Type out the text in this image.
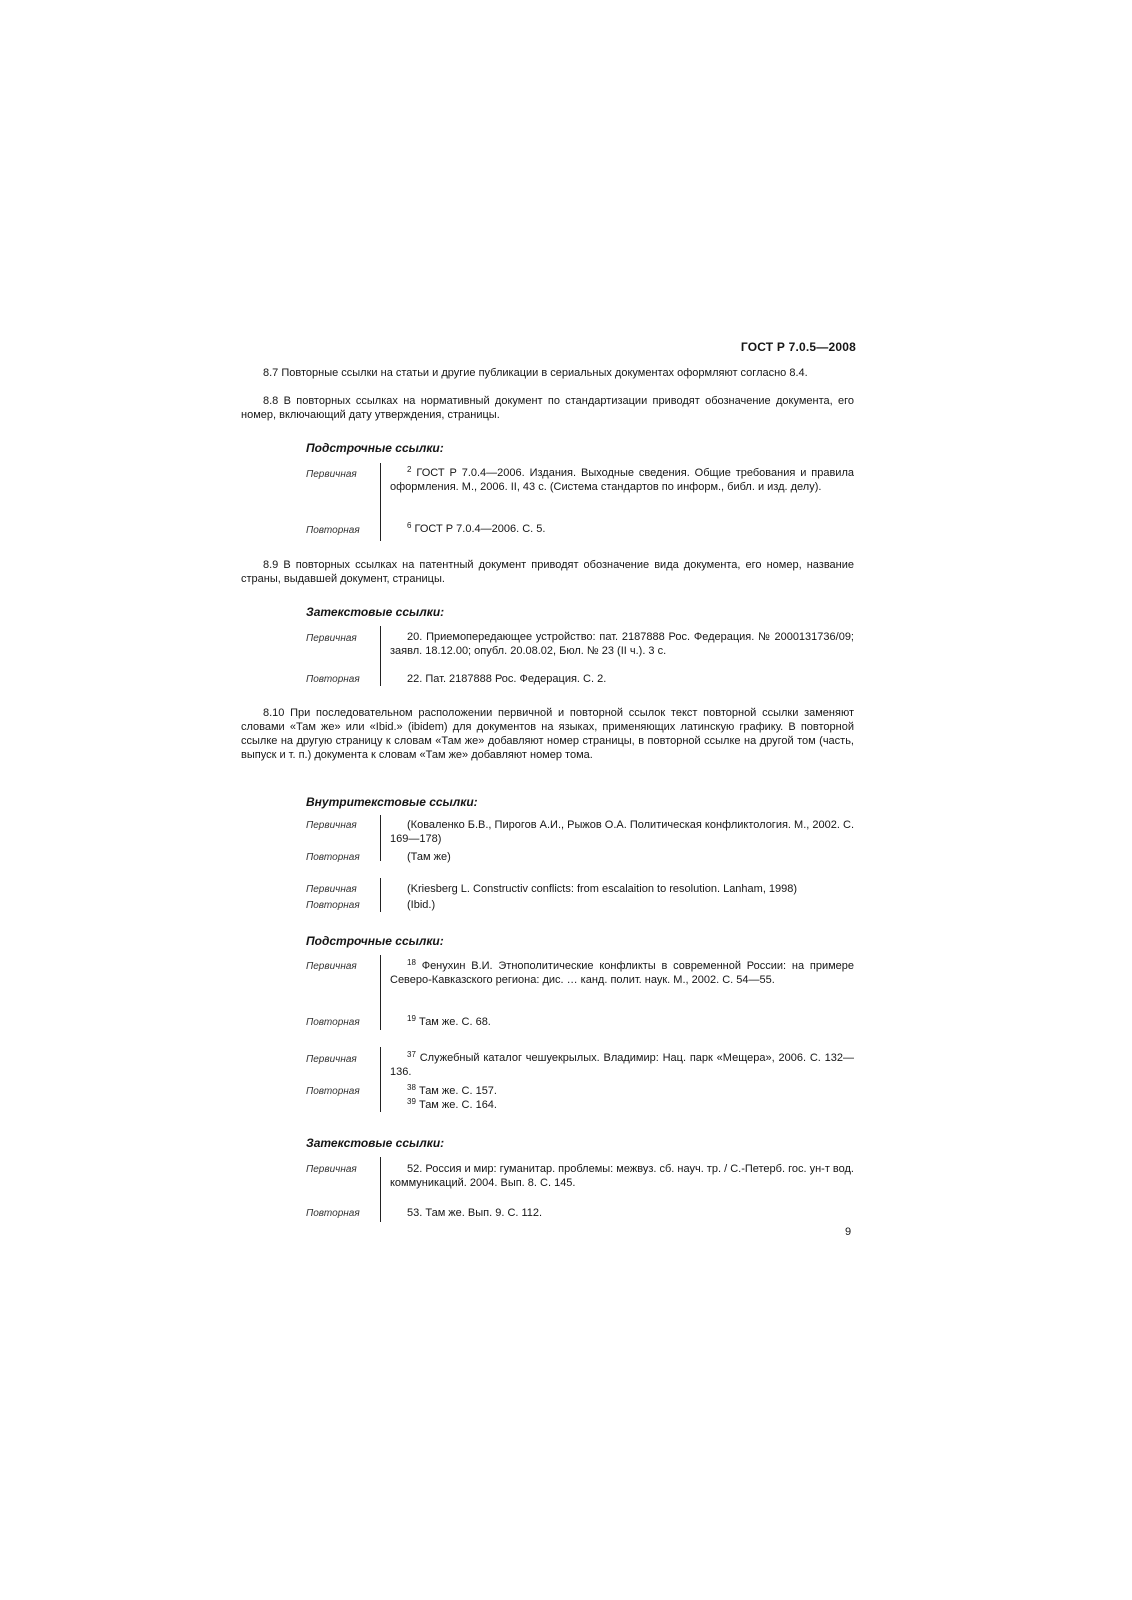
ГОСТ Р 7.0.5—2008
8.7 Повторные ссылки на статьи и другие публикации в сериальных документах оформляют согласно 8.4.
8.8 В повторных ссылках на нормативный документ по стандартизации приводят обозначение документа, его номер, включающий дату утверждения, страницы.
Подстрочные ссылки:
Первичная	$^2$ ГОСТ Р 7.0.4—2006. Издания. Выходные сведения. Общие требования и правила оформления. М., 2006. II, 43 с. (Система стандартов по информ., библ. и изд. делу).
Повторная	$^6$ ГОСТ Р 7.0.4—2006. С. 5.
8.9 В повторных ссылках на патентный документ приводят обозначение вида документа, его номер, название страны, выдавшей документ, страницы.
Затекстовые ссылки:
Первичная	20. Приемопередающее устройство: пат. 2187888 Рос. Федерация. № 2000131736/09; заявл. 18.12.00; опубл. 20.08.02, Бюл. № 23 (II ч.). 3 с.
Повторная	22. Пат. 2187888 Рос. Федерация. С. 2.
8.10 При последовательном расположении первичной и повторной ссылок текст повторной ссылки заменяют словами «Там же» или «Ibid.» (ibidem) для документов на языках, применяющих латинскую графику. В повторной ссылке на другую страницу к словам «Там же» добавляют номер страницы, в повторной ссылке на другой том (часть, выпуск и т. п.) документа к словам «Там же» добавляют номер тома.
Внутритекстовые ссылки:
Первичная	(Коваленко Б.В., Пирогов А.И., Рыжов О.А. Политическая конфликтология. М., 2002. С. 169—178)
Повторная	(Там же)
Первичная	(Kriesberg L. Constructiv conflicts: from escalaition to resolution. Lanham, 1998)
Повторная	(Ibid.)
Подстрочные ссылки:
Первичная	$^{18}$ Фенухин В.И. Этнополитические конфликты в современной России: на примере Северо-Кавказского региона: дис. … канд. полит. наук. М., 2002. С. 54—55.
Повторная	$^{19}$ Там же. С. 68.
Первичная	$^{37}$ Служебный каталог чешуекрылых. Владимир: Нац. парк «Мещера», 2006. С. 132—136.
Повторная	$^{38}$ Там же. С. 157.
$^{39}$ Там же. С. 164.
Затекстовые ссылки:
Первичная	52. Россия и мир: гуманитар. проблемы: межвуз. сб. науч. тр. / С.-Петерб. гос. ун-т вод. коммуникаций. 2004. Вып. 8. С. 145.
Повторная	53. Там же. Вып. 9. С. 112.
9
